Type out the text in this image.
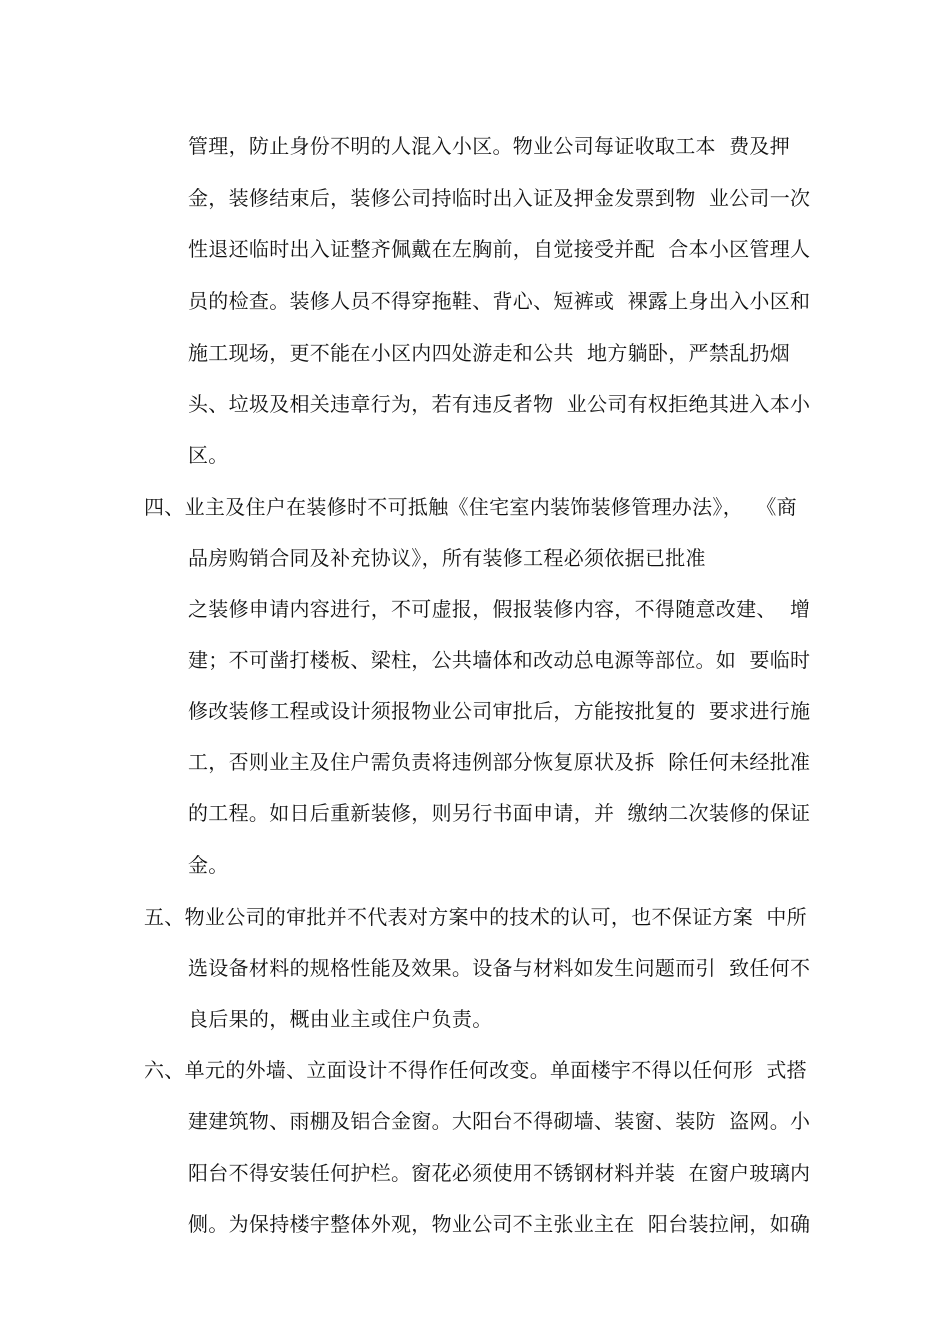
管理，防止身份不明的人混入小区。物业公司每证收取工本  费及押
金，装修结束后，装修公司持临时出入证及押金发票到物  业公司一次
性退还临时出入证整齐佩戴在左胸前，自觉接受并配  合本小区管理人
员的检查。装修人员不得穿拖鞋、背心、短裤或  裸露上身出入小区和
施工现场，更不能在小区内四处游走和公共  地方躺卧，严禁乱扔烟
头、垃圾及相关违章行为，若有违反者物  业公司有权拒绝其进入本小
区。
四、业主及住户在装修时不可抵触《住宅室内装饰装修管理办法》，  《商
品房购销合同及补充协议》，所有装修工程必须依据已批准
之装修申请内容进行，不可虚报，假报装修内容，不得随意改建、  增
建；不可凿打楼板、梁柱，公共墙体和改动总电源等部位。如  要临时
修改装修工程或设计须报物业公司审批后，方能按批复的  要求进行施
工，否则业主及住户需负责将违例部分恢复原状及拆  除任何未经批准
的工程。如日后重新装修，则另行书面申请，并  缴纳二次装修的保证
金。
五、物业公司的审批并不代表对方案中的技术的认可，也不保证方案  中所
选设备材料的规格性能及效果。设备与材料如发生问题而引  致任何不
良后果的，概由业主或住户负责。
六、单元的外墙、立面设计不得作任何改变。单面楼宇不得以任何形  式搭
建建筑物、雨棚及铝合金窗。大阳台不得砌墙、装窗、装防  盗网。小
阳台不得安装任何护栏。窗花必须使用不锈钢材料并装  在窗户玻璃内
侧。为保持楼宇整体外观，物业公司不主张业主在  阳台装拉闸，如确
